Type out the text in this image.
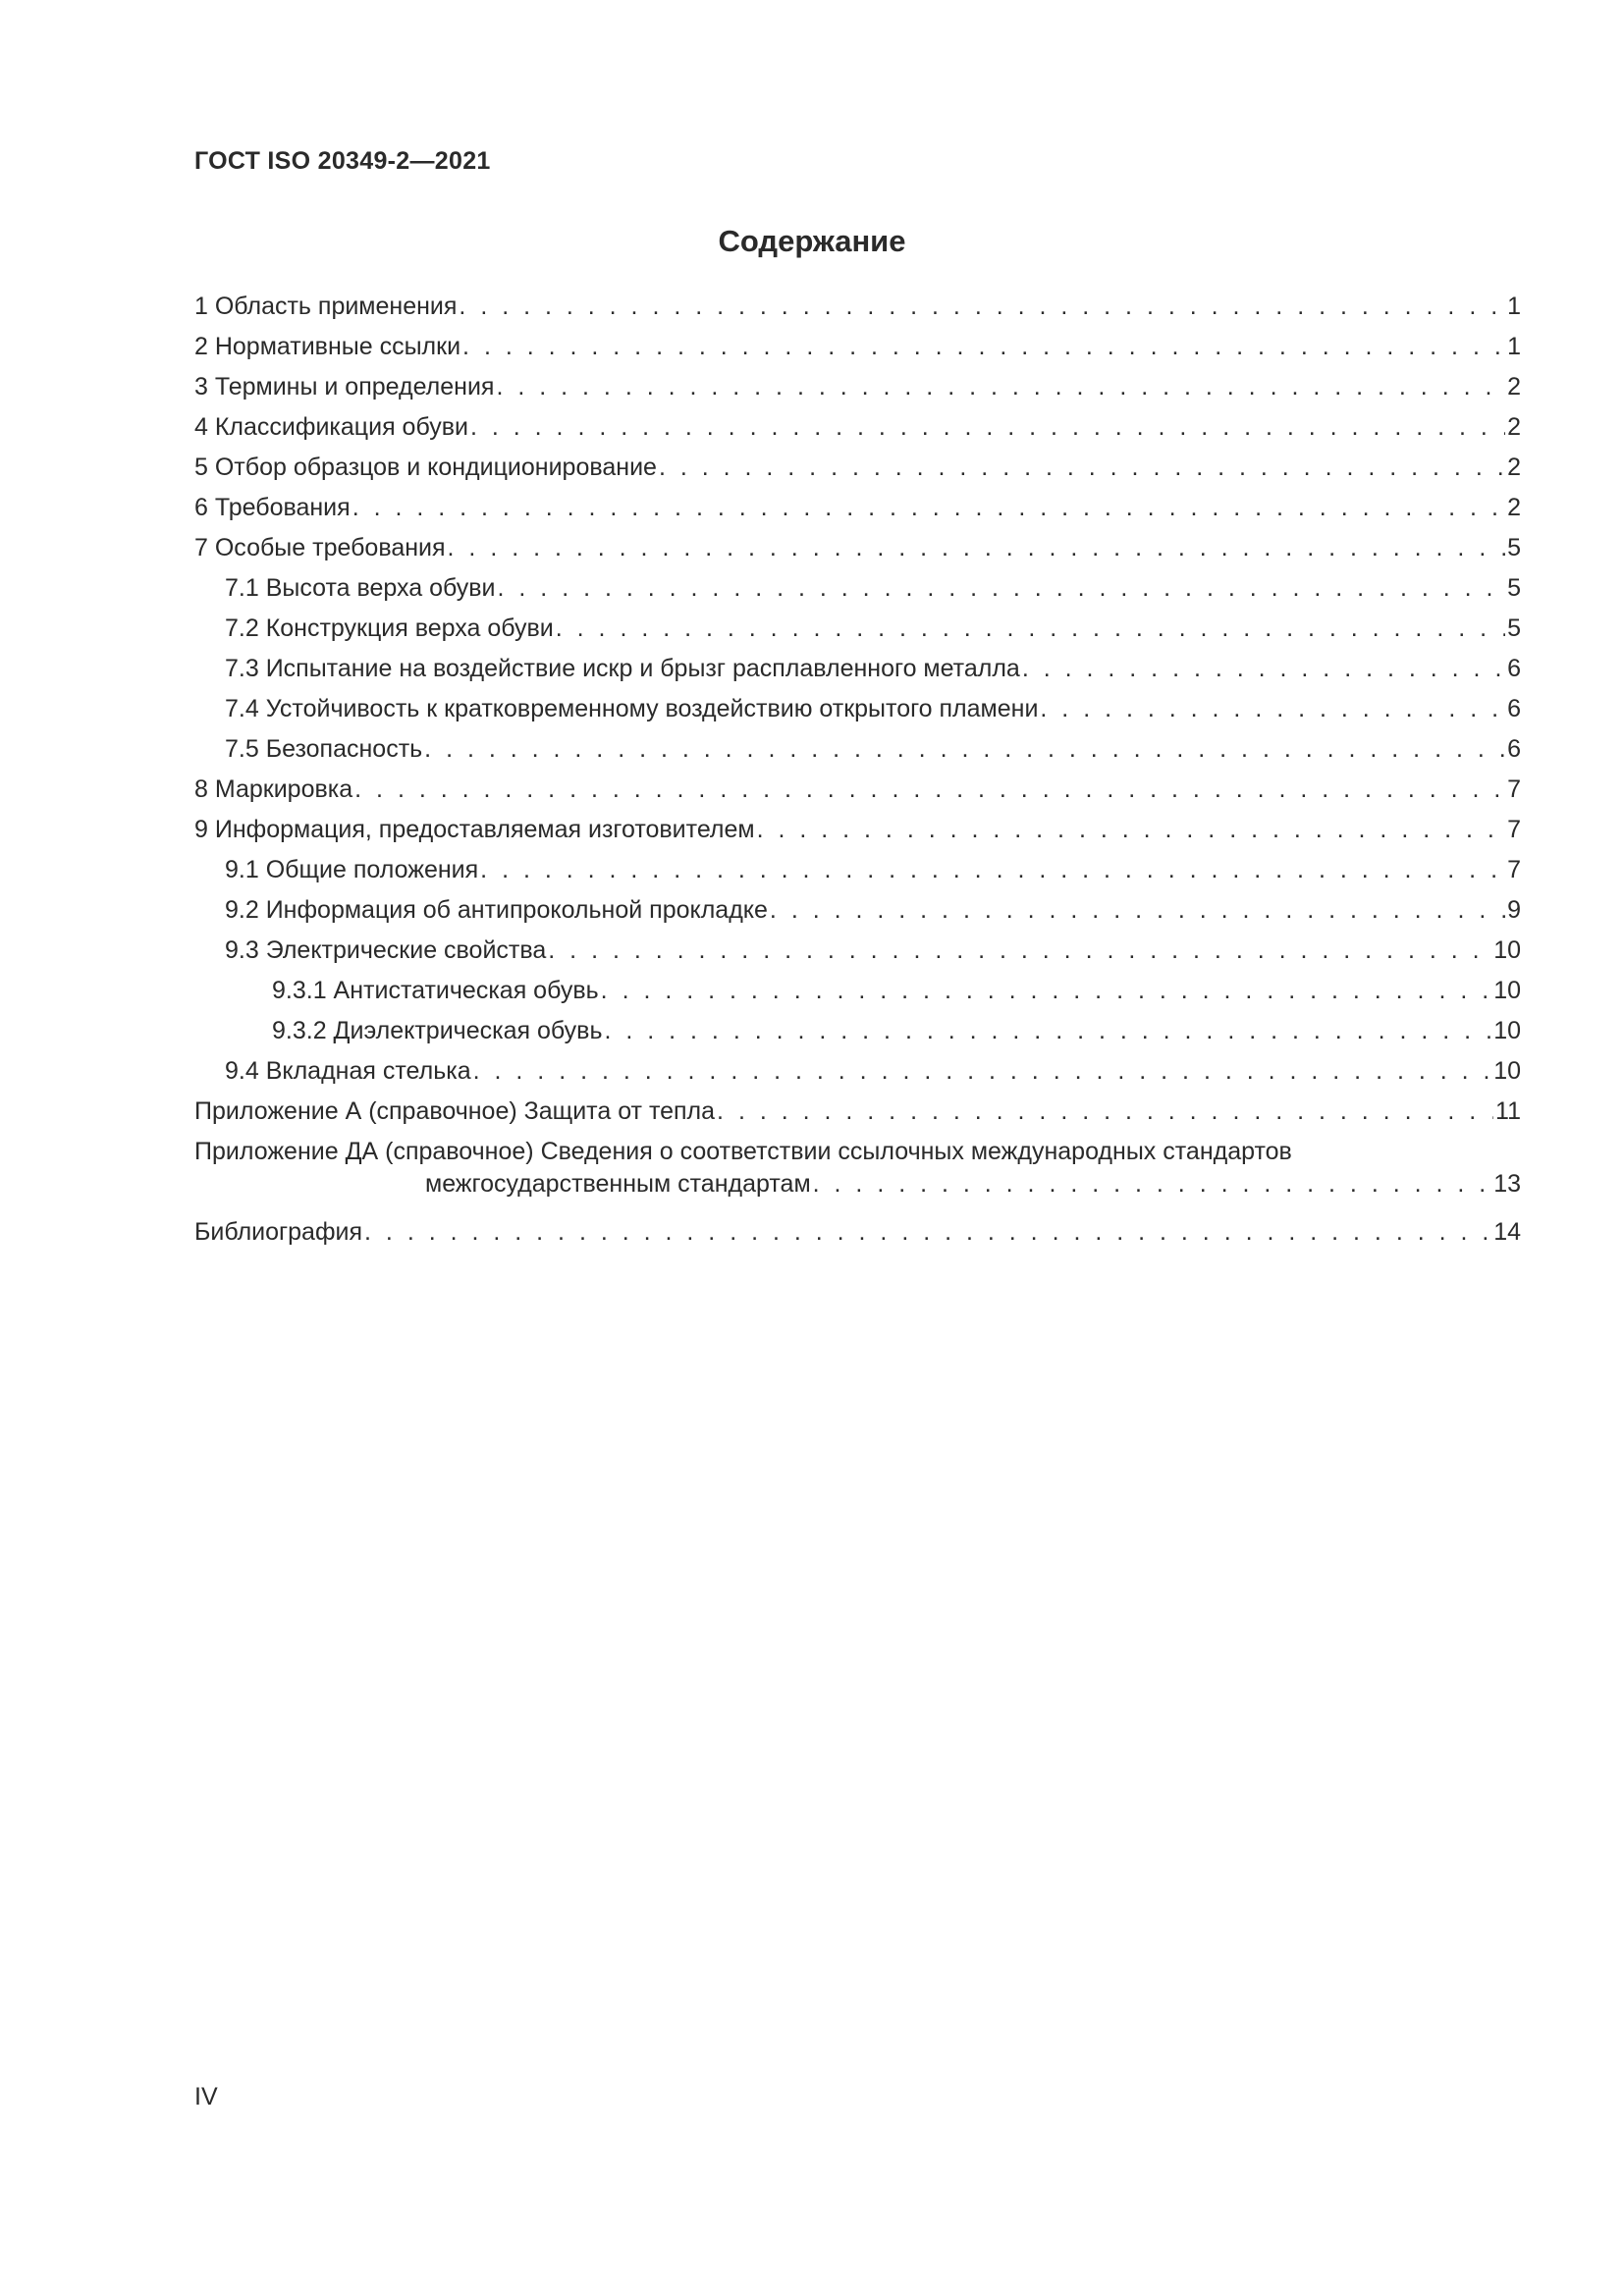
ГОСТ ISO 20349-2—2021
Содержание
1 Область применения . . .	1
2 Нормативные ссылки . . .	1
3 Термины и определения . . .	2
4 Классификация обуви . . .	2
5 Отбор образцов и кондиционирование . . .	2
6 Требования . . .	2
7 Особые требования . . .	5
7.1 Высота верха обуви . . .	5
7.2 Конструкция верха обуви . . .	5
7.3 Испытание на воздействие искр и брызг расплавленного металла . . .	6
7.4 Устойчивость к кратковременному воздействию открытого пламени . . .	6
7.5 Безопасность . . .	6
8 Маркировка . . .	7
9 Информация, предоставляемая изготовителем . . .	7
9.1 Общие положения . . .	7
9.2 Информация об антипрокольной прокладке . . .	9
9.3 Электрические свойства . . .	10
9.3.1 Антистатическая обувь . . .	10
9.3.2 Диэлектрическая обувь . . .	10
9.4 Вкладная стелька . . .	10
Приложение А (справочное) Защита от тепла . . .	11
Приложение ДА (справочное) Сведения о соответствии ссылочных международных стандартов
межгосударственным стандартам . . .	13
Библиография . . .	14
IV
